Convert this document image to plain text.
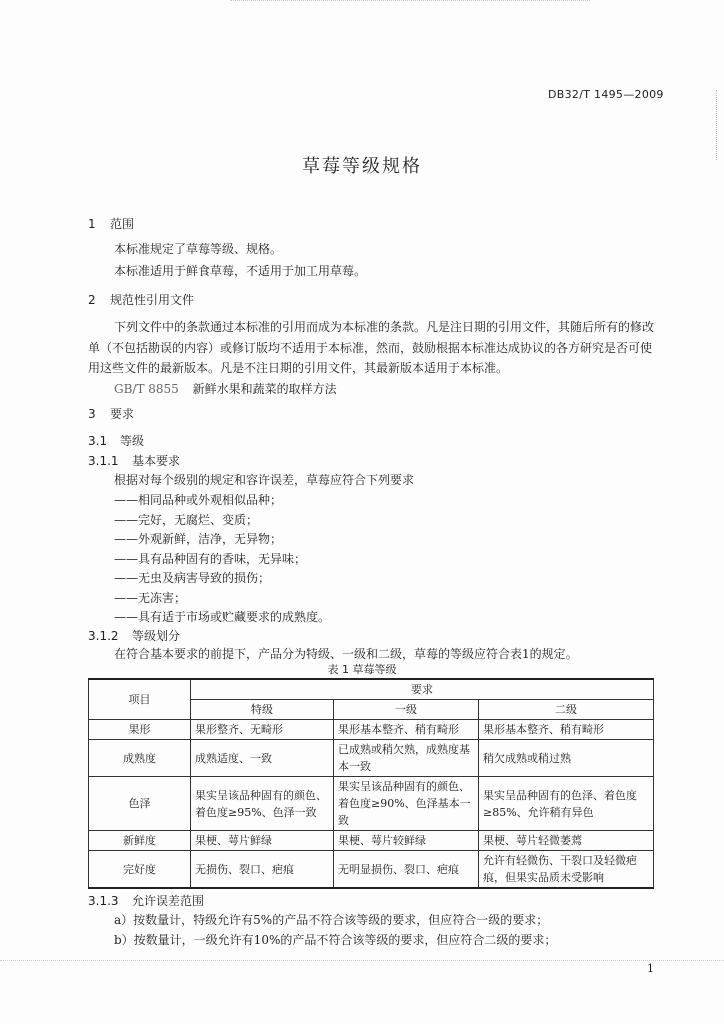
DB32/T 1495—2009
草莓等级规格
1 范围
本标准规定了草莓等级、规格。
本标准适用于鲜食草莓，不适用于加工用草莓。
2 规范性引用文件
下列文件中的条款通过本标准的引用而成为本标准的条款。凡是注日期的引用文件，其随后所有的修改单（不包括勘误的内容）或修订版均不适用于本标准，然而，鼓励根据本标准达成协议的各方研究是否可使用这些文件的最新版本。凡是不注日期的引用文件，其最新版本适用于本标准。
GB/T 8855 新鲜水果和蔬菜的取样方法
3 要求
3.1 等级
3.1.1 基本要求
根据对每个级别的规定和容许误差，草莓应符合下列要求
——相同品种或外观相似品种；
——完好，无腐烂、变质；
——外观新鲜，洁净，无异物；
——具有品种固有的香味，无异味；
——无虫及病害导致的损伤；
——无冻害；
——具有适于市场或贮藏要求的成熟度。
3.1.2 等级划分
在符合基本要求的前提下，产品分为特级、一级和二级，草莓的等级应符合表1的规定。
表 1 草莓等级
项目	要求		
	特级	一级	二级
果形	果形整齐、无畸形	果形基本整齐、稍有畸形	果形基本整齐、稍有畸形
成熟度	成熟适度、一致	已成熟或稍欠熟，成熟度基本一致	稍欠成熟或稍过熟
色泽	果实呈该品种固有的颜色、着色度≥95%、色泽一致	果实呈该品种固有的颜色、着色度≥90%、色泽基本一致	果实呈品种固有的色泽、着色度≥85%、允许稍有异色
新鲜度	果梗、萼片鲜绿	果梗、萼片较鲜绿	果梗、萼片轻微萎蔫
完好度	无损伤、裂口、疤痕	无明显损伤、裂口、疤痕	允许有轻微伤、干裂口及轻微疤痕，但果实品质未受影响
3.1.3 允许误差范围
a）按数量计，特级允许有5%的产品不符合该等级的要求，但应符合一级的要求；
b）按数量计，一级允许有10%的产品不符合该等级的要求，但应符合二级的要求；
1
